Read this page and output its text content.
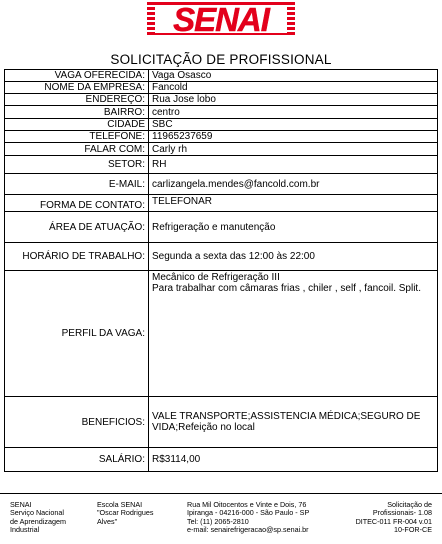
SENAI
SOLICITAÇÃO DE PROFISSIONAL
VAGA OFERECIDA:	Vaga Osasco
NOME DA EMPRESA:	Fancold
ENDEREÇO:	Rua Jose lobo
BAIRRO:	centro
CIDADE	SBC
TELEFONE:	11965237659
FALAR COM:	Carly rh
SETOR:	RH
E-MAIL:	carlizangela.mendes@fancold.com.br
FORMA DE CONTATO:	TELEFONAR
ÁREA DE ATUAÇÃO:	Refrigeração e manutenção
HORÁRIO DE TRABALHO:	Segunda a sexta das 12:00 às 22:00
PERFIL DA VAGA:	Mecânico de Refrigeração III
Para trabalhar com câmaras frias , chiler , self , fancoil. Split.
BENEFICIOS:	VALE TRANSPORTE;ASSISTENCIA MÉDICA;SEGURO DE VIDA;Refeição no local
SALÁRIO:	R$3114,00
SENAI
Serviço Nacional
de Aprendizagem
Industrial
Escola SENAI
"Oscar Rodrigues
Alves"
Rua Mil Oitocentos e Vinte e Dois, 76
Ipiranga - 04216-000 - São Paulo - SP
Tel: (11) 2065-2810
e-mail: senairefrigeracao@sp.senai.br
Solicitação de
Profissionais- 1.08
DITEC-011 FR-004 v.01
10-FOR-CE
